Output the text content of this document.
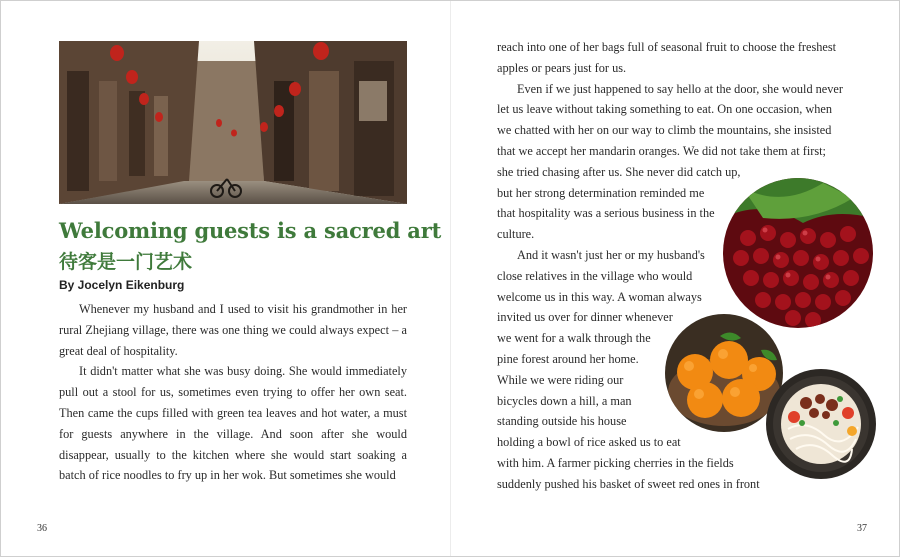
Welcoming guests is a sacred art
待客是一门艺术
By Jocelyn Eikenburg

Whenever my husband and I used to visit his grandmother in her rural Zhejiang village, there was one thing we could always expect – a great deal of hospitality.

It didn't matter what she was busy doing. She would immediately pull out a stool for us, sometimes even trying to offer her own seat. Then came the cups filled with green tea leaves and hot water, a must for guests anywhere in the village. And soon after she would disappear, usually to the kitchen where she would start soaking a batch of rice noodles to fry up in her wok. But sometimes she would

36
reach into one of her bags full of seasonal fruit to choose the freshest
apples or pears just for us.
Even if we just happened to say hello at the door, she would never
let us leave without taking something to eat. On one occasion, when
we chatted with her on our way to climb the mountains, she insisted
that we accept her mandarin oranges. We did not take them at first;
she tried chasing after us. She never did catch up,
but her strong determination reminded me
that hospitality was a serious business in the
culture.
And it wasn't just her or my husband's
close relatives in the village who would
welcome us in this way. A woman always
invited us over for dinner whenever
we went for a walk through the
pine forest around her home.
While we were riding our
bicycles down a hill, a man
standing outside his house
holding a bowl of rice asked us to eat
with him. A farmer picking cherries in the fields
suddenly pushed his basket of sweet red ones in front
37
